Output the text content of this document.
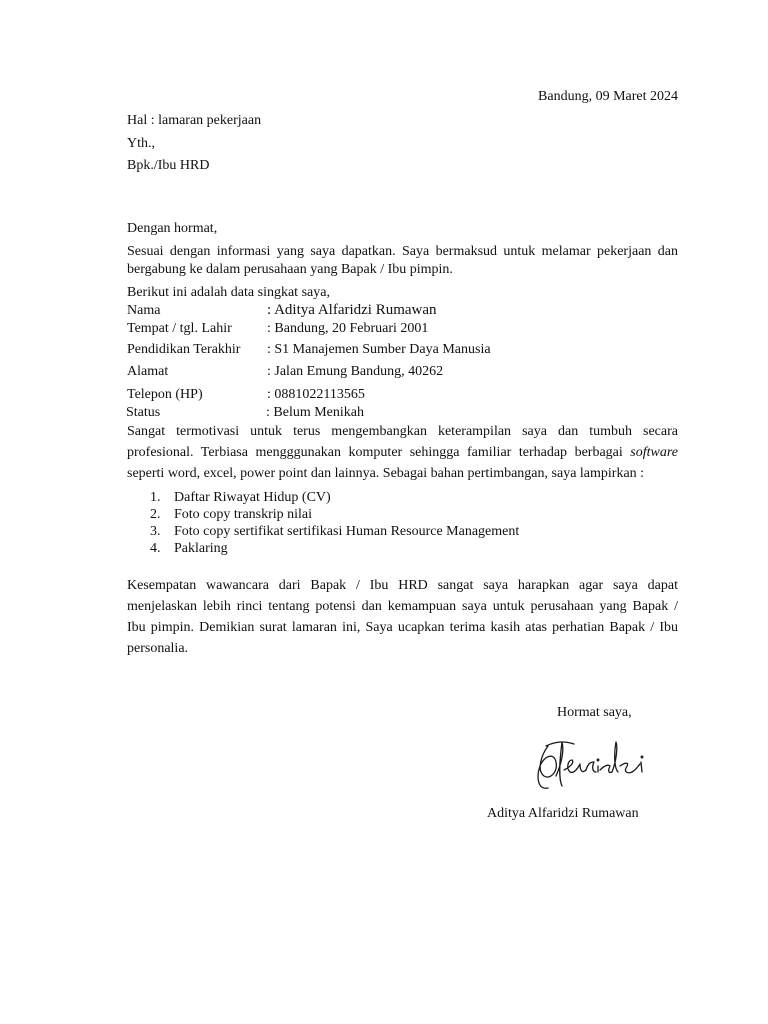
Bandung, 09 Maret 2024
Hal : lamaran pekerjaan
Yth.,
Bpk./Ibu HRD
Dengan hormat,
Sesuai dengan informasi yang saya dapatkan. Saya bermaksud untuk melamar pekerjaan dan
bergabung ke dalam perusahaan yang Bapak / Ibu pimpin.
Berikut ini adalah data singkat saya,
Nama	: Aditya Alfaridzi Rumawan
Tempat / tgl. Lahir	: Bandung, 20 Februari 2001
Pendidikan Terakhir : S1 Manajemen Sumber Daya Manusia
Alamat	: Jalan Emung Bandung, 40262
Telepon (HP)	: 0881022113565
Status	: Belum Menikah
Sangat termotivasi untuk terus mengembangkan keterampilan saya dan tumbuh secara
profesional. Terbiasa mengggunakan komputer sehingga familiar terhadap berbagai software
seperti word, excel, power point dan lainnya. Sebagai bahan pertimbangan, saya lampirkan :
1. Daftar Riwayat Hidup (CV)
2. Foto copy transkrip nilai
3. Foto copy sertifikat sertifikasi Human Resource Management
4. Paklaring
Kesempatan wawancara dari Bapak / Ibu HRD sangat saya harapkan agar saya dapat
menjelaskan lebih rinci tentang potensi dan kemampuan saya untuk perusahaan yang Bapak /
Ibu pimpin. Demikian surat lamaran ini, Saya ucapkan terima kasih atas perhatian Bapak / Ibu
personalia.
Hormat saya,
Aditya Alfaridzi Rumawan
